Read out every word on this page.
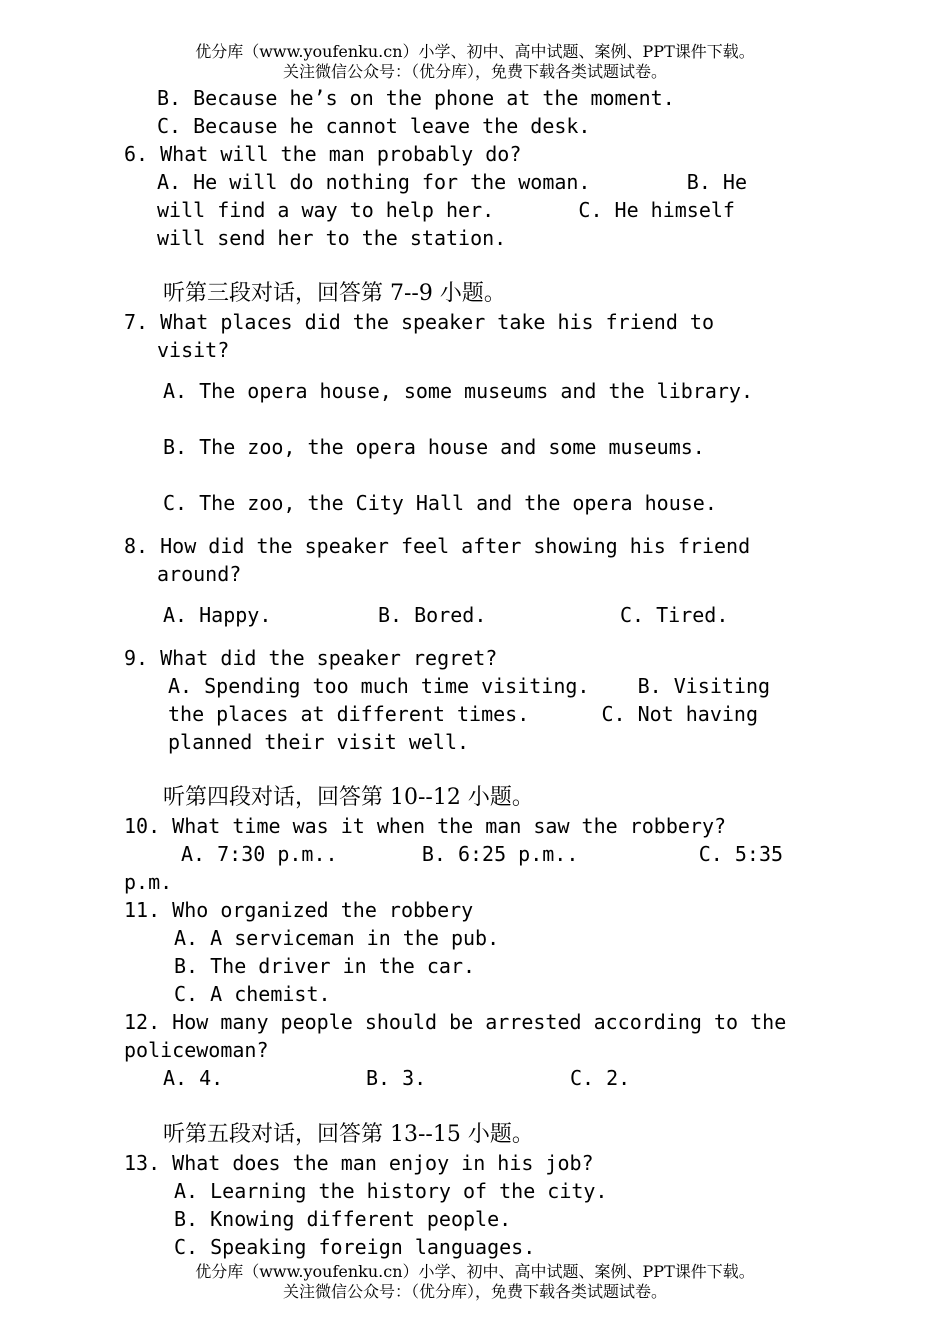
优分库（www.youfenku.cn）小学、初中、高中试题、案例、PPT课件下载。
关注微信公众号：（优分库），免费下载各类试题试卷。
B. Because he’s on the phone at the moment.
C. Because he cannot leave the desk.
6. What will the man probably do?
A. He will do nothing for the woman.        B. He
will find a way to help her.       C. He himself
will send her to the station.
听第三段对话，回答第 7--9 小题。
7. What places did the speaker take his friend to
visit?
A. The opera house, some museums and the library.
B. The zoo, the opera house and some museums.
C. The zoo, the City Hall and the opera house.
8. How did the speaker feel after showing his friend
around?
A. Happy.	B. Bored.	C. Tired.
9. What did the speaker regret?
A. Spending too much time visiting.    B. Visiting
the places at different times.      C. Not having
planned their visit well.
听第四段对话，回答第 10--12 小题。
10. What time was it when the man saw the robbery?
A. 7:30 p.m..       B. 6:25 p.m..          C. 5:35
p.m.
11. Who organized the robbery
A. A serviceman in the pub.
B. The driver in the car.
C. A chemist.
12. How many people should be arrested according to the
policewoman?
A. 4.	B. 3.	C. 2.
听第五段对话，回答第 13--15 小题。
13. What does the man enjoy in his job?
A. Learning the history of the city.
B. Knowing different people.
C. Speaking foreign languages.
优分库（www.youfenku.cn）小学、初中、高中试题、案例、PPT课件下载。
关注微信公众号：（优分库），免费下载各类试题试卷。
